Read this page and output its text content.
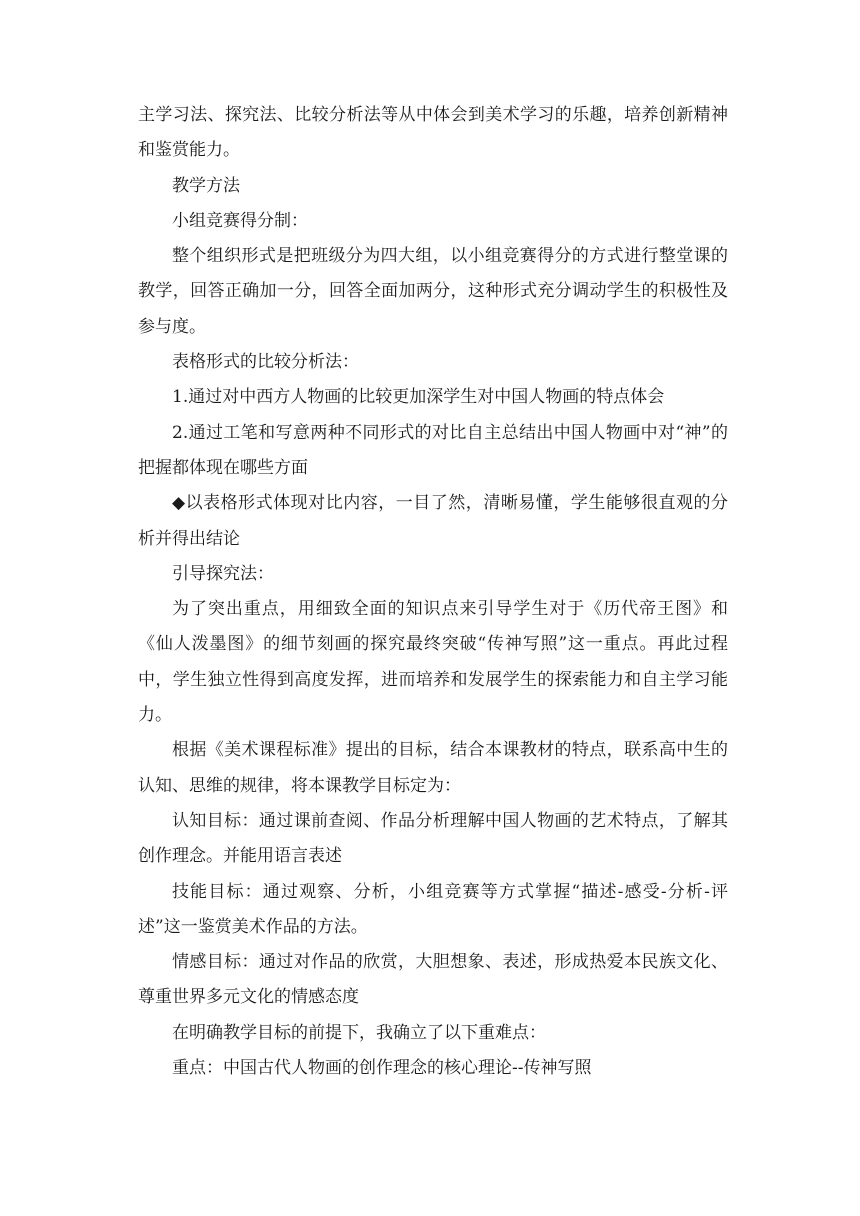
主学习法、探究法、比较分析法等从中体会到美术学习的乐趣，培养创新精神和鉴赏能力。

教学方法

小组竞赛得分制：

整个组织形式是把班级分为四大组，以小组竞赛得分的方式进行整堂课的教学，回答正确加一分，回答全面加两分，这种形式充分调动学生的积极性及参与度。

表格形式的比较分析法：

1.通过对中西方人物画的比较更加深学生对中国人物画的特点体会

2.通过工笔和写意两种不同形式的对比自主总结出中国人物画中对“神”的把握都体现在哪些方面

◆以表格形式体现对比内容，一目了然，清晰易懂，学生能够很直观的分析并得出结论

引导探究法：

为了突出重点，用细致全面的知识点来引导学生对于《历代帝王图》和《仙人泼墨图》的细节刻画的探究最终突破“传神写照”这一重点。再此过程中，学生独立性得到高度发挥，进而培养和发展学生的探索能力和自主学习能力。

根据《美术课程标准》提出的目标，结合本课教材的特点，联系高中生的认知、思维的规律，将本课教学目标定为：

认知目标：通过课前查阅、作品分析理解中国人物画的艺术特点，了解其创作理念。并能用语言表述

技能目标：通过观察、分析，小组竞赛等方式掌握“描述-感受-分析-评述”这一鉴赏美术作品的方法。

情感目标：通过对作品的欣赏，大胆想象、表述，形成热爱本民族文化、尊重世界多元文化的情感态度

在明确教学目标的前提下，我确立了以下重难点：

重点：中国古代人物画的创作理念的核心理论--传神写照
